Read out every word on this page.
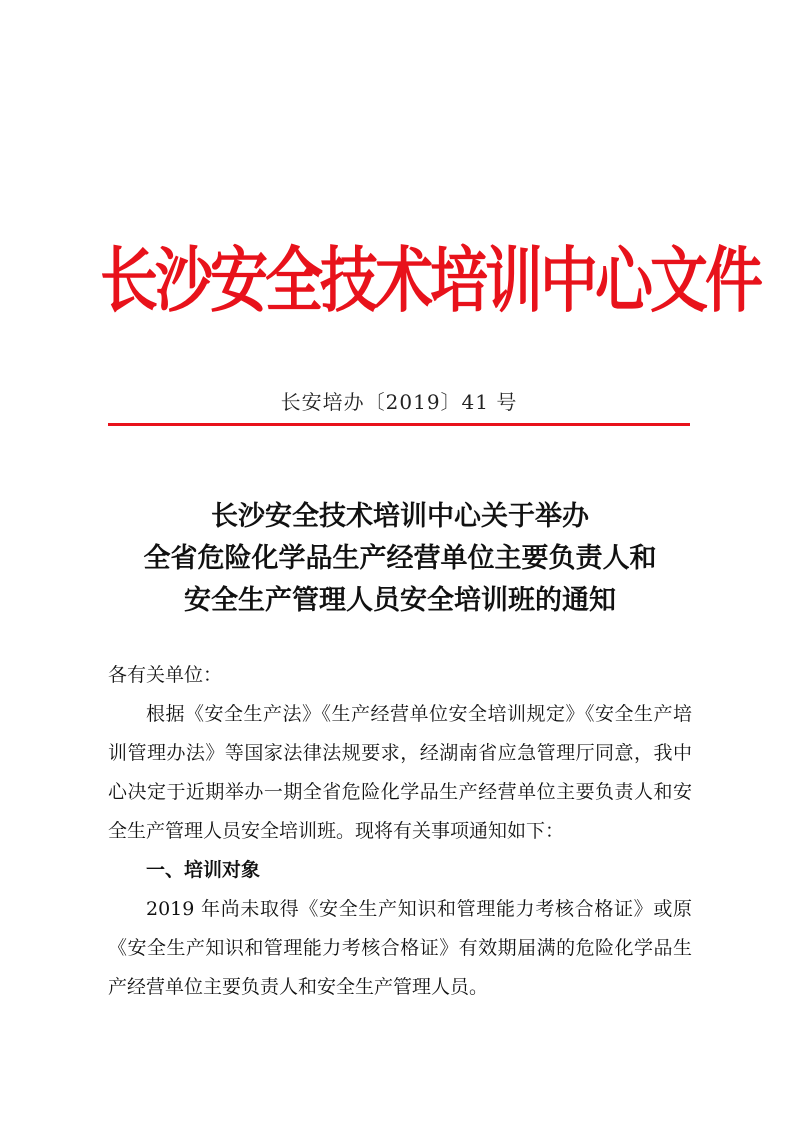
长沙安全技术培训中心文件
长安培办〔2019〕41 号
长沙安全技术培训中心关于举办
全省危险化学品生产经营单位主要负责人和
安全生产管理人员安全培训班的通知

各有关单位：

根据《安全生产法》《生产经营单位安全培训规定》《安全生产培训管理办法》等国家法律法规要求，经湖南省应急管理厅同意，我中心决定于近期举办一期全省危险化学品生产经营单位主要负责人和安全生产管理人员安全培训班。现将有关事项通知如下：

一、培训对象

2019 年尚未取得《安全生产知识和管理能力考核合格证》或原《安全生产知识和管理能力考核合格证》有效期届满的危险化学品生产经营单位主要负责人和安全生产管理人员。
